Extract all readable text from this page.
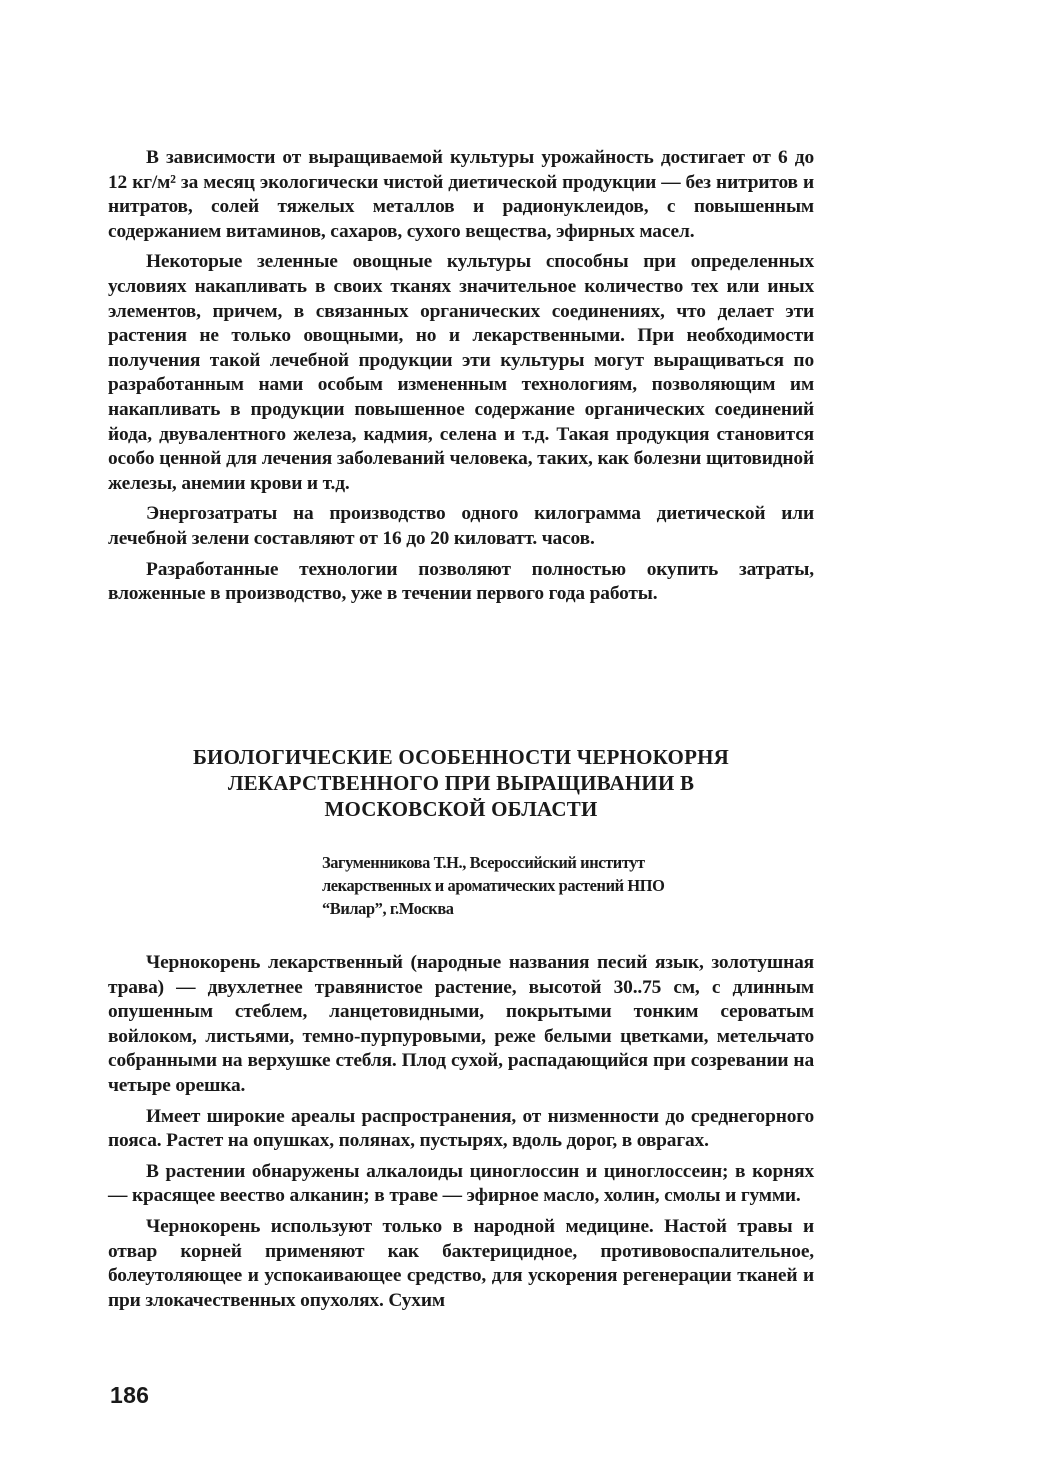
В зависимости от выращиваемой культуры урожайность достигает от 6 до 12 кг/м² за месяц экологически чистой диетической продукции — без нитритов и нитратов, солей тяжелых металлов и радионуклеидов, с повышенным содержанием витаминов, сахаров, сухого вещества, эфирных масел.

Некоторые зеленные овощные культуры способны при определенных условиях накапливать в своих тканях значительное количество тех или иных элементов, причем, в связанных органических соединениях, что делает эти растения не только овощными, но и лекарственными. При необходимости получения такой лечебной продукции эти культуры могут выращиваться по разработанным нами особым измененным технологиям, позволяющим им накапливать в продукции повышенное содержание органических соединений йода, двувалентного железа, кадмия, селена и т.д. Такая продукция становится особо ценной для лечения заболеваний человека, таких, как болезни щитовидной железы, анемии крови и т.д.

Энергозатраты на производство одного килограмма диетической или лечебной зелени составляют от 16 до 20 киловатт. часов.

Разработанные технологии позволяют полностью окупить затраты, вложенные в производство, уже в течении первого года работы.

БИОЛОГИЧЕСКИЕ ОСОБЕННОСТИ ЧЕРНОКОРНЯ
ЛЕКАРСТВЕННОГО ПРИ ВЫРАЩИВАНИИ В
МОСКОВСКОЙ ОБЛАСТИ
Загуменникова Т.Н., Всероссийский институт
лекарственных и ароматических растений НПО
“Вилар”, г.Москва

Чернокорень лекарственный (народные названия песий язык, золотушная трава) — двухлетнее травянистое растение, высотой 30..75 см, с длинным опушенным стеблем, ланцетовидными, покрытыми тонким сероватым войлоком, листьями, темно-пурпуровыми, реже белыми цветками, метельчато собранными на верхушке стебля. Плод сухой, распадающийся при созревании на четыре орешка.

Имеет широкие ареалы распространения, от низменности до среднегорного пояса. Растет на опушках, полянах, пустырях, вдоль дорог, в оврагах.

В растении обнаружены алкалоиды циноглоссин и циноглоссеин; в корнях — красящее веество алканин; в траве — эфирное масло, холин, смолы и гумми.

Чернокорень используют только в народной медицине. Настой травы и отвар корней применяют как бактерицидное, противовоспалительное, болеутоляющее и успокаивающее средство, для ускорения регенерации тканей и при злокачественных опухолях. Сухим

186
